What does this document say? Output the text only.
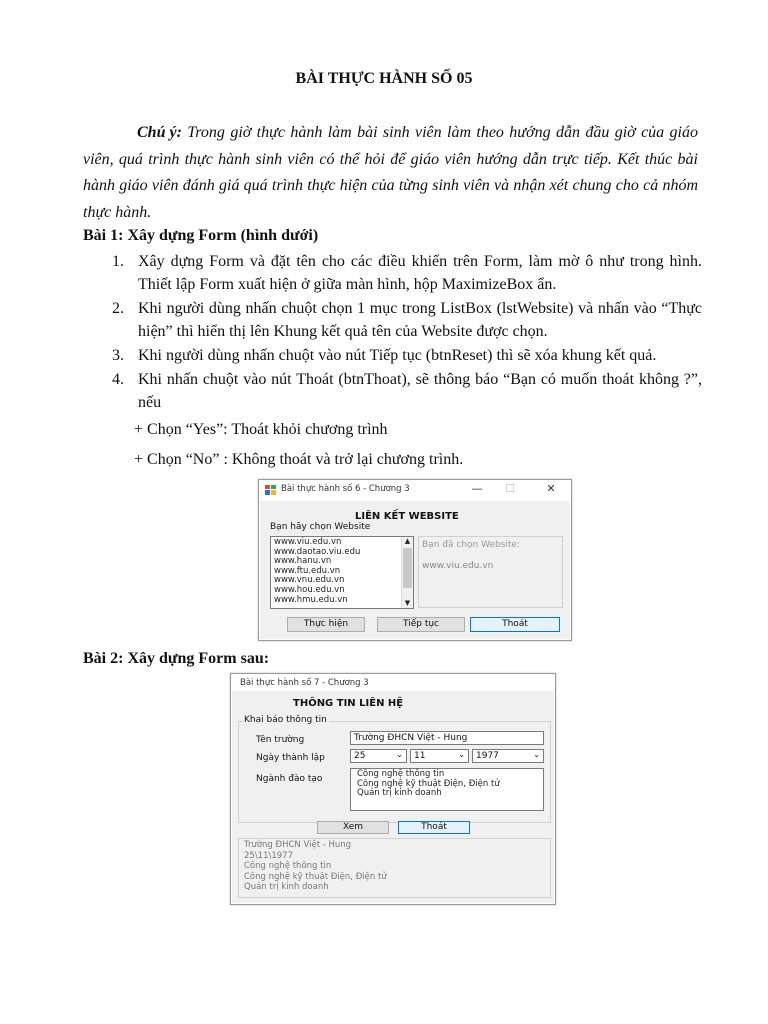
BÀI THỰC HÀNH SỐ 05
Chú ý: Trong giờ thực hành làm bài sinh viên làm theo hướng dẫn đầu giờ của giáo viên, quá trình thực hành sinh viên có thể hỏi để giáo viên hướng dẫn trực tiếp. Kết thúc bài hành giáo viên đánh giá quá trình thực hiện của từng sinh viên và nhận xét chung cho cả nhóm thực hành.
Bài 1: Xây dựng Form (hình dưới)
1. Xây dựng Form và đặt tên cho các điều khiển trên Form, làm mờ ô như trong hình. Thiết lập Form xuất hiện ở giữa màn hình, hộp MaximizeBox ẩn.
2. Khi người dùng nhấn chuột chọn 1 mục trong ListBox (lstWebsite) và nhấn vào “Thực hiện” thì hiển thị lên Khung kết quả tên của Website được chọn.
3. Khi người dùng nhấn chuột vào nút Tiếp tục (btnReset) thì sẽ xóa khung kết quả.
4. Khi nhấn chuột vào nút Thoát (btnThoat), sẽ thông báo “Bạn có muốn thoát không ?”, nếu
+ Chọn “Yes”: Thoát khỏi chương trình
+ Chọn “No” : Không thoát và trở lại chương trình.
Bài thực hành số 6 - Chương 3	—	☐	✕
LIÊN KẾT WEBSITE
Bạn hãy chọn Website
www.viu.edu.vn
www.daotao.viu.edu
www.hanu.vn
www.ftu.edu.vn
www.vnu.edu.vn
www.hou.edu.vn
www.hmu.edu.vn
▲
▼
Bạn đã chọn Website:
www.viu.edu.vn
Thực hiện	Tiếp tục	Thoát
Bài 2: Xây dựng Form sau:
Bài thực hành số 7 - Chương 3
THÔNG TIN LIÊN HỆ
Khai báo thông tin
Tên trường	Trường ĐHCN Việt - Hung
Ngày thành lập	25	⌄ 11	⌄ 1977	⌄
Ngành đào tạo	Công nghệ thông tin
Công nghệ kỹ thuật Điện, Điện tử
Quản trị kinh doanh
Xem	Thoát
Trường ĐHCN Việt - Hung
25\11\1977
Công nghệ thông tin
Công nghệ kỹ thuật Điện, Điện tử
Quản trị kinh doanh
